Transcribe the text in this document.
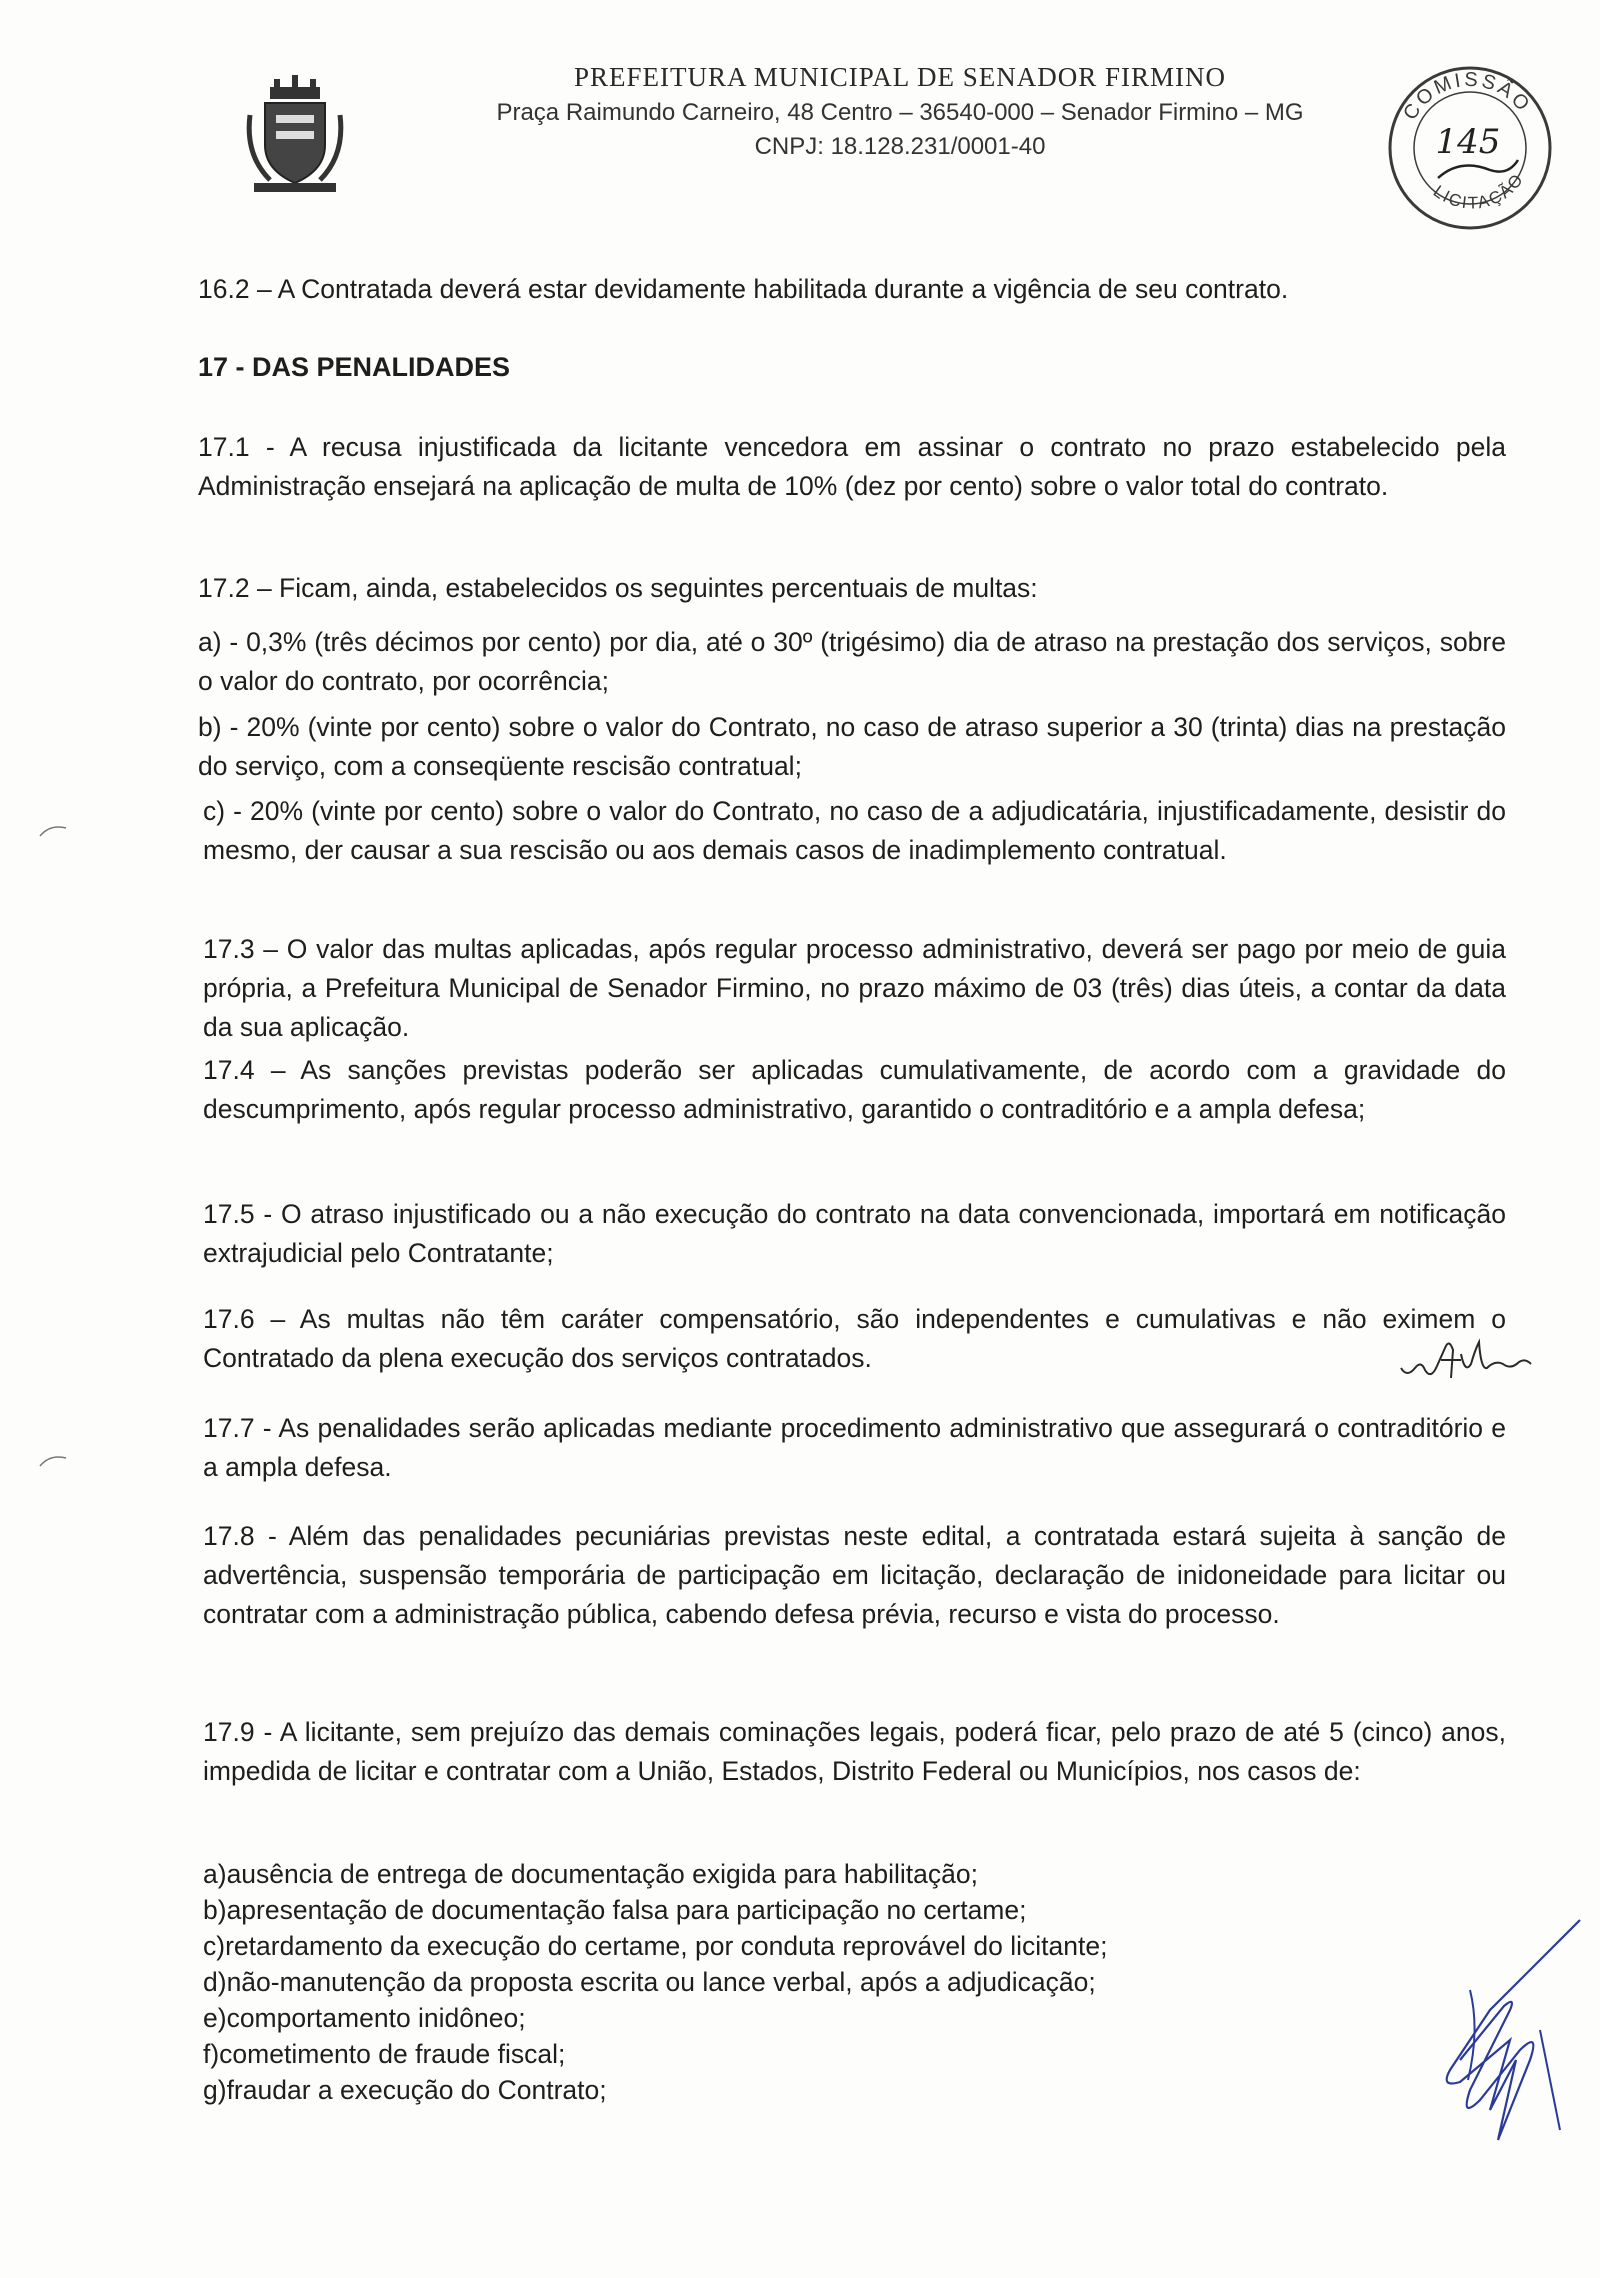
PREFEITURA MUNICIPAL DE SENADOR FIRMINO
Praça Raimundo Carneiro, 48 Centro – 36540-000 – Senador Firmino – MG
CNPJ: 18.128.231/0001-40
COMISSÃO
LICITAÇÃO
145
16.2 – A Contratada deverá estar devidamente habilitada durante a vigência de seu contrato.
17 - DAS PENALIDADES
17.1 - A recusa injustificada da licitante vencedora em assinar o contrato no prazo estabelecido pela Administração ensejará na aplicação de multa de 10% (dez por cento) sobre o valor total do contrato.
17.2 – Ficam, ainda, estabelecidos os seguintes percentuais de multas:
a) - 0,3% (três décimos por cento) por dia, até o 30º (trigésimo) dia de atraso na prestação dos serviços, sobre o valor do contrato, por ocorrência;
b) - 20% (vinte por cento) sobre o valor do Contrato, no caso de atraso superior a 30 (trinta) dias na prestação do serviço, com a conseqüente rescisão contratual;
c) - 20% (vinte por cento) sobre o valor do Contrato, no caso de a adjudicatária, injustificadamente, desistir do mesmo, der causar a sua rescisão ou aos demais casos de inadimplemento contratual.
17.3 – O valor das multas aplicadas, após regular processo administrativo, deverá ser pago por meio de guia própria, a Prefeitura Municipal de Senador Firmino, no prazo máximo de 03 (três) dias úteis, a contar da data da sua aplicação.
17.4 – As sanções previstas poderão ser aplicadas cumulativamente, de acordo com a gravidade do descumprimento, após regular processo administrativo, garantido o contraditório e a ampla defesa;
17.5 - O atraso injustificado ou a não execução do contrato na data convencionada, importará em notificação extrajudicial pelo Contratante;
17.6 – As multas não têm caráter compensatório, são independentes e cumulativas e não eximem o Contratado da plena execução dos serviços contratados.
17.7 - As penalidades serão aplicadas mediante procedimento administrativo que assegurará o contraditório e a ampla defesa.
17.8 - Além das penalidades pecuniárias previstas neste edital, a contratada estará sujeita à sanção de advertência, suspensão temporária de participação em licitação, declaração de inidoneidade para licitar ou contratar com a administração pública, cabendo defesa prévia, recurso e vista do processo.
17.9 - A licitante, sem prejuízo das demais cominações legais, poderá ficar, pelo prazo de até 5 (cinco) anos, impedida de licitar e contratar com a União, Estados, Distrito Federal ou Municípios, nos casos de:
a)ausência de entrega de documentação exigida para habilitação;
b)apresentação de documentação falsa para participação no certame;
c)retardamento da execução do certame, por conduta reprovável do licitante;
d)não-manutenção da proposta escrita ou lance verbal, após a adjudicação;
e)comportamento inidôneo;
f)cometimento de fraude fiscal;
g)fraudar a execução do Contrato;
